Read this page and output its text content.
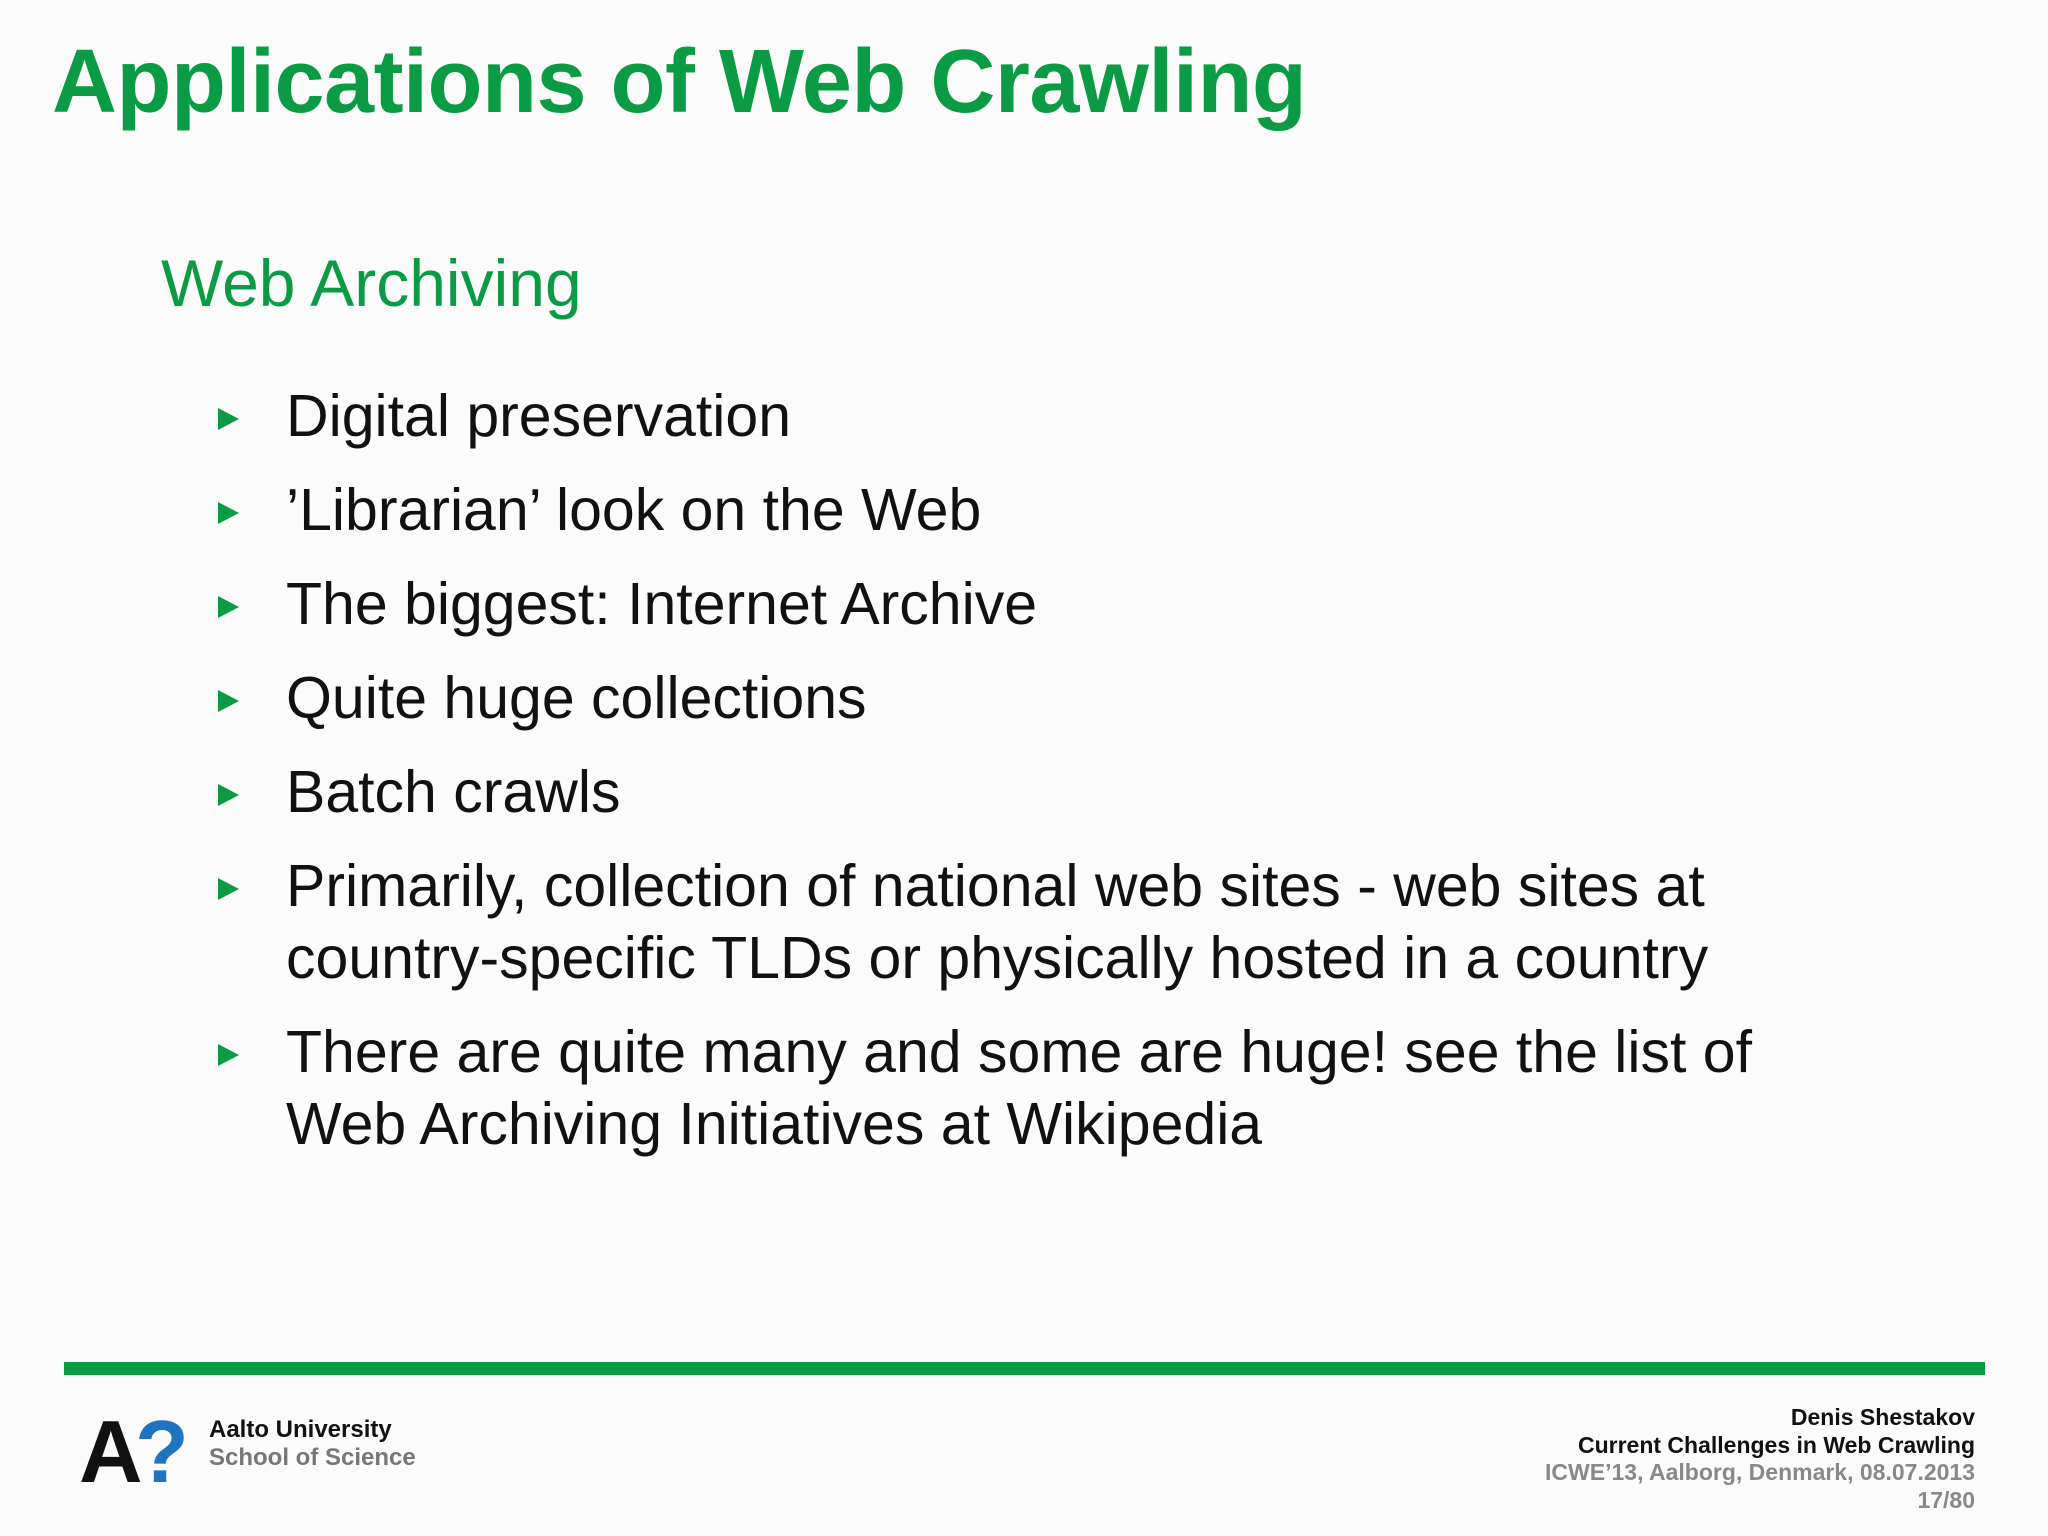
Applications of Web Crawling
Web Archiving
Digital preservation
’Librarian’ look on the Web
The biggest: Internet Archive
Quite huge collections
Batch crawls
Primarily, collection of national web sites - web sites at country-specific TLDs or physically hosted in a country
There are quite many and some are huge! see the list of Web Archiving Initiatives at Wikipedia
A
? Aalto University
School of Science
Denis Shestakov
Current Challenges in Web Crawling
ICWE’13, Aalborg, Denmark, 08.07.2013
17/80
